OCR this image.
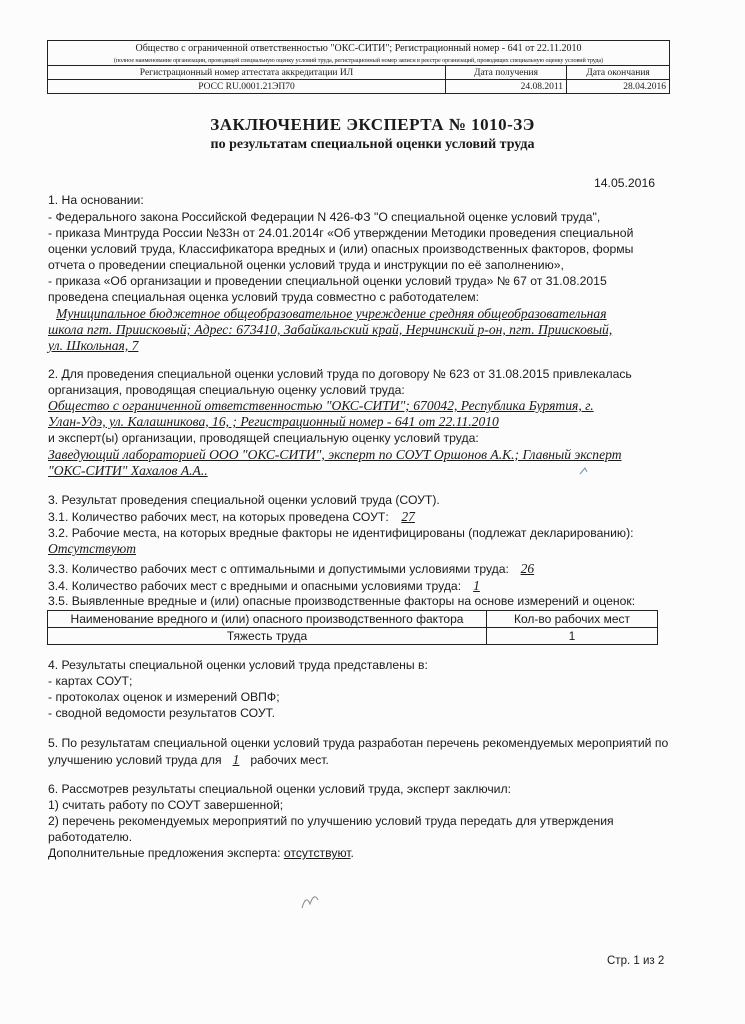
Общество с ограниченной ответственностью "ОКС-СИТИ"; Регистрационный номер - 641 от 22.11.2010		
(полное наименование организации, проводящей специальную оценку условий труда, регистрационный номер записи в реестре организаций, проводящих специальную оценку условий труда)		
Регистрационный номер аттестата аккредитации ИЛ	Дата получения	Дата окончания
РОСС RU.0001.21ЭП70	24.08.2011	28.04.2016
ЗАКЛЮЧЕНИЕ ЭКСПЕРТА № 1010-ЗЭ
по результатам специальной оценки условий труда
14.05.2016
1. На основании:
- Федерального закона Российской Федерации N 426-ФЗ "О специальной оценке условий труда",
- приказа Минтруда России №33н от 24.01.2014г «Об утверждении Методики проведения специальной
оценки условий труда, Классификатора вредных и (или) опасных производственных факторов, формы
отчета о проведении специальной оценки условий труда и инструкции по её заполнению»,
- приказа «Об организации и проведении специальной оценки условий труда» № 67 от 31.08.2015
проведена специальная оценка условий труда совместно с работодателем:
Муниципальное бюджетное общеобразовательное учреждение средняя общеобразовательная
школа пгт. Приисковый; Адрес: 673410, Забайкальский край, Нерчинский р-он, пгт. Приисковый,
ул. Школьная, 7
2. Для проведения специальной оценки условий труда по договору № 623 от 31.08.2015 привлекалась
организация, проводящая специальную оценку условий труда:
Общество с ограниченной ответственностью "ОКС-СИТИ"; 670042, Республика Бурятия, г.
Улан-Удэ, ул. Калашникова, 16, ; Регистрационный номер - 641 от 22.11.2010
и эксперт(ы) организации, проводящей специальную оценку условий труда:
Заведующий лабораторией ООО "ОКС-СИТИ", эксперт по СОУТ Оршонов А.К.; Главный эксперт
"ОКС-СИТИ" Хахалов А.А..
3. Результат проведения специальной оценки условий труда (СОУТ).
3.1. Количество рабочих мест, на которых проведена СОУТ: 27
3.2. Рабочие места, на которых вредные факторы не идентифицированы (подлежат декларированию):
Отсутствуют
3.3. Количество рабочих мест с оптимальными и допустимыми условиями труда: 26
3.4. Количество рабочих мест с вредными и опасными условиями труда: 1
3.5. Выявленные вредные и (или) опасные производственные факторы на основе измерений и оценок:
Наименование вредного и (или) опасного производственного фактора	Кол-во рабочих мест
Тяжесть труда	1
4. Результаты специальной оценки условий труда представлены в:
- картах СОУТ;
- протоколах оценок и измерений ОВПФ;
- сводной ведомости результатов СОУТ.
5. По результатам специальной оценки условий труда разработан перечень рекомендуемых мероприятий по
улучшению условий труда для 1 рабочих мест.
6. Рассмотрев результаты специальной оценки условий труда, эксперт заключил:
1) считать работу по СОУТ завершенной;
2) перечень рекомендуемых мероприятий по улучшению условий труда передать для утверждения
работодателю.
Дополнительные предложения эксперта: отсутствуют.
Стр. 1 из 2
